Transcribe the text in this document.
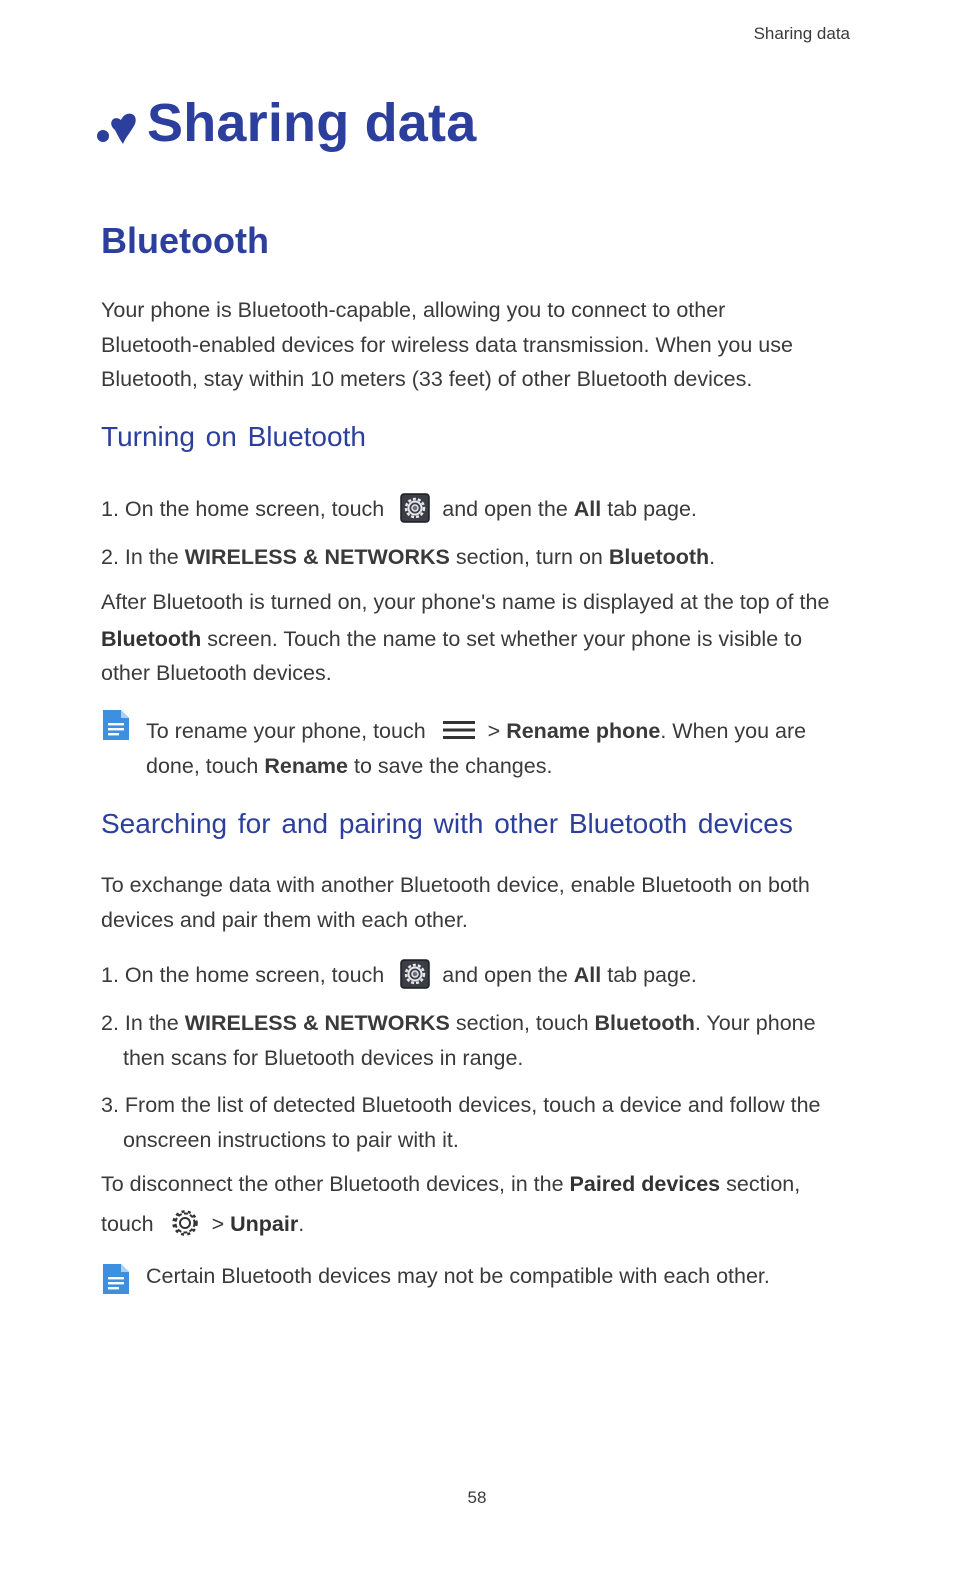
Sharing data
Sharing data
Bluetooth
Your phone is Bluetooth-capable, allowing you to connect to other
Bluetooth-enabled devices for wireless data transmission. When you use
Bluetooth, stay within 10 meters (33 feet) of other Bluetooth devices.
Turning on Bluetooth
1. On the home screen, touch	and open the All tab page.
2. In the WIRELESS & NETWORKS section, turn on Bluetooth.
After Bluetooth is turned on, your phone's name is displayed at the top of the
Bluetooth screen. Touch the name to set whether your phone is visible to
other Bluetooth devices.
To rename your phone, touch	> Rename phone. When you are
done, touch Rename to save the changes.
Searching for and pairing with other Bluetooth devices
To exchange data with another Bluetooth device, enable Bluetooth on both
devices and pair them with each other.
1. On the home screen, touch	and open the All tab page.
2. In the WIRELESS & NETWORKS section, touch Bluetooth. Your phone
then scans for Bluetooth devices in range.
3. From the list of detected Bluetooth devices, touch a device and follow the
onscreen instructions to pair with it.
To disconnect the other Bluetooth devices, in the Paired devices section,
touch	> Unpair.
Certain Bluetooth devices may not be compatible with each other.
58
